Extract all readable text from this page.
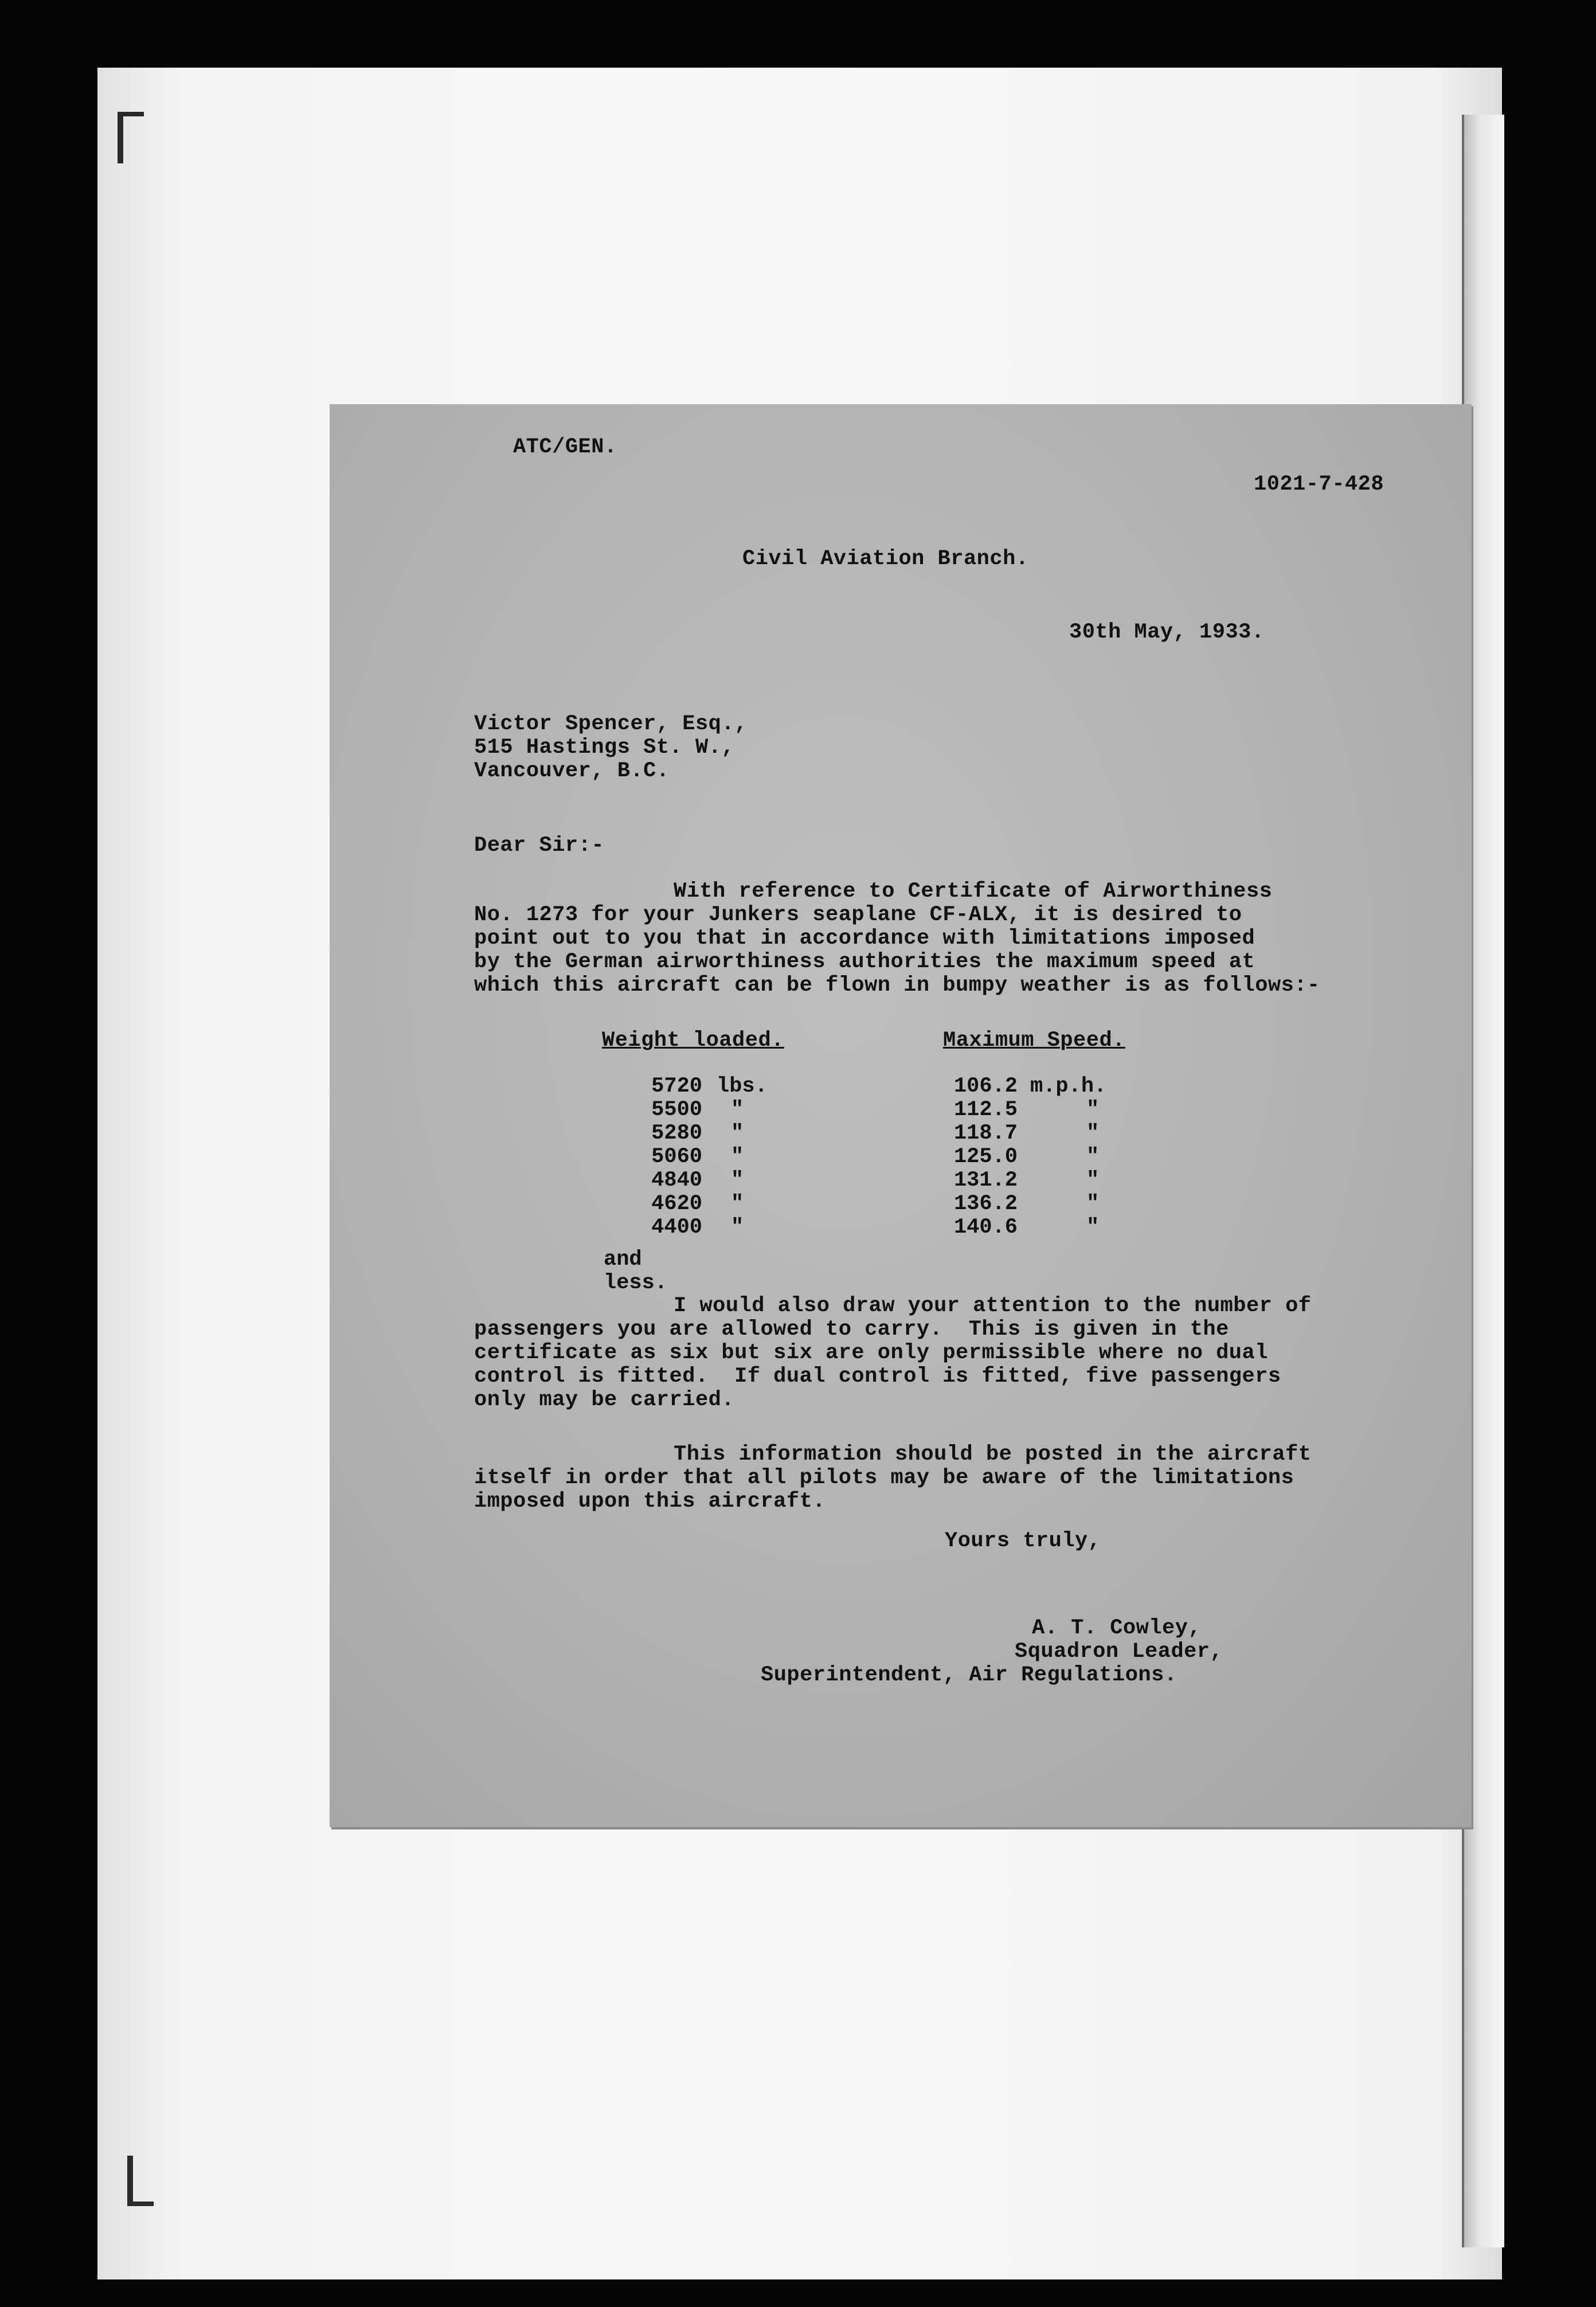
ATC/GEN.
1021-7-428
Civil Aviation Branch.
30th May, 1933.
Victor Spencer, Esq.,
515 Hastings St. W.,
Vancouver, B.C.
Dear Sir:-
With reference to Certificate of Airworthiness
No. 1273 for your Junkers seaplane CF-ALX, it is desired to
point out to you that in accordance with limitations imposed
by the German airworthiness authorities the maximum speed at
which this aircraft can be flown in bumpy weather is as follows:-
Weight loaded.	Maximum Speed.
5720 lbs.	106.2 m.p.h.
5500 "	112.5	"
5280 "	118.7	"
5060 "	125.0	"
4840 "	131.2	"
4620 "	136.2	"
4400 "	140.6	"
and less.
I would also draw your attention to the number of
passengers you are allowed to carry.  This is given in the
certificate as six but six are only permissible where no dual
control is fitted.  If dual control is fitted, five passengers
only may be carried.
This information should be posted in the aircraft
itself in order that all pilots may be aware of the limitations
imposed upon this aircraft.
Yours truly,
A. T. Cowley,
Squadron Leader,
Superintendent, Air Regulations.
